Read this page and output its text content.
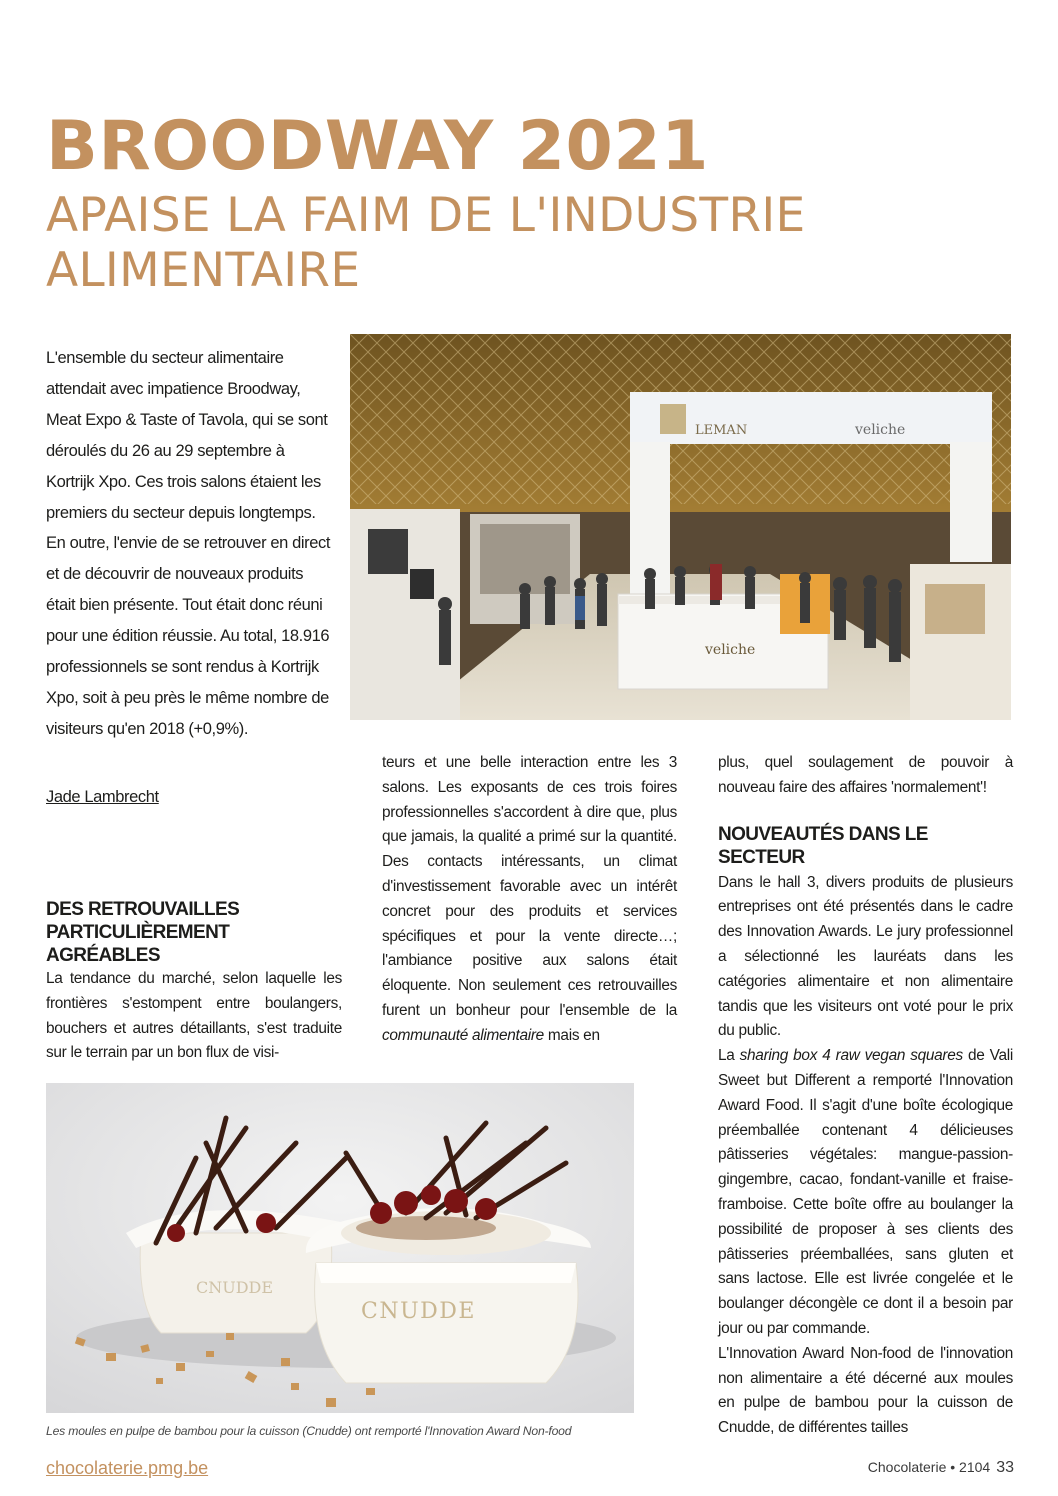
BROODWAY 2021
APAISE LA FAIM DE L'INDUSTRIE ALIMENTAIRE
L'ensemble du secteur alimentaire attendait avec impatience Broodway, Meat Expo & Taste of Tavola, qui se sont déroulés du 26 au 29 septembre à Kortrijk Xpo. Ces trois salons étaient les premiers du secteur depuis longtemps. En outre, l'envie de se retrouver en direct et de découvrir de nouveaux produits était bien présente. Tout était donc réuni pour une édition réussie. Au total, 18.916 professionnels se sont rendus à Kortrijk Xpo, soit à peu près le même nombre de visiteurs qu'en 2018 (+0,9%).
Jade Lambrecht
LEMAN	veliche
veliche
DES RETROUVAILLES PARTICULIÈREMENT AGRÉABLES

La tendance du marché, selon laquelle les frontières s'estompent entre boulangers, bouchers et autres détaillants, s'est traduite sur le terrain par un bon flux de visi-

teurs et une belle interaction entre les 3 salons. Les exposants de ces trois foires professionnelles s'accordent à dire que, plus que jamais, la qualité a primé sur la quantité. Des contacts intéressants, un climat d'investissement favorable avec un intérêt concret pour des produits et services spécifiques et pour la vente directe…; l'ambiance positive aux salons était éloquente. Non seulement ces retrouvailles furent un bonheur pour l'ensemble de la communauté alimentaire mais en

plus, quel soulagement de pouvoir à nouveau faire des affaires 'normalement'!

NOUVEAUTÉS DANS LE SECTEUR

Dans le hall 3, divers produits de plusieurs entreprises ont été présentés dans le cadre des Innovation Awards. Le jury professionnel a sélectionné les lauréats dans les catégories alimentaire et non alimentaire tandis que les visiteurs ont voté pour le prix du public.

La sharing box 4 raw vegan squares de Vali Sweet but Different a remporté l'Innovation Award Food. Il s'agit d'une boîte écologique préemballée contenant 4 délicieuses pâtisseries végétales: mangue-passion-gingembre, cacao, fondant-vanille et fraise-framboise. Cette boîte offre au boulanger la possibilité de proposer à ses clients des pâtisseries préemballées, sans gluten et sans lactose. Elle est livrée congelée et le boulanger décongèle ce dont il a besoin par jour ou par commande.

L'Innovation Award Non-food de l'innovation non alimentaire a été décerné aux moules en pulpe de bambou pour la cuisson de Cnudde, de différentes tailles

CNUDDE
CNUDDE
Les moules en pulpe de bambou pour la cuisson (Cnudde) ont remporté l'Innovation Award Non-food
chocolaterie.pmg.be	Chocolaterie • 2104 33
